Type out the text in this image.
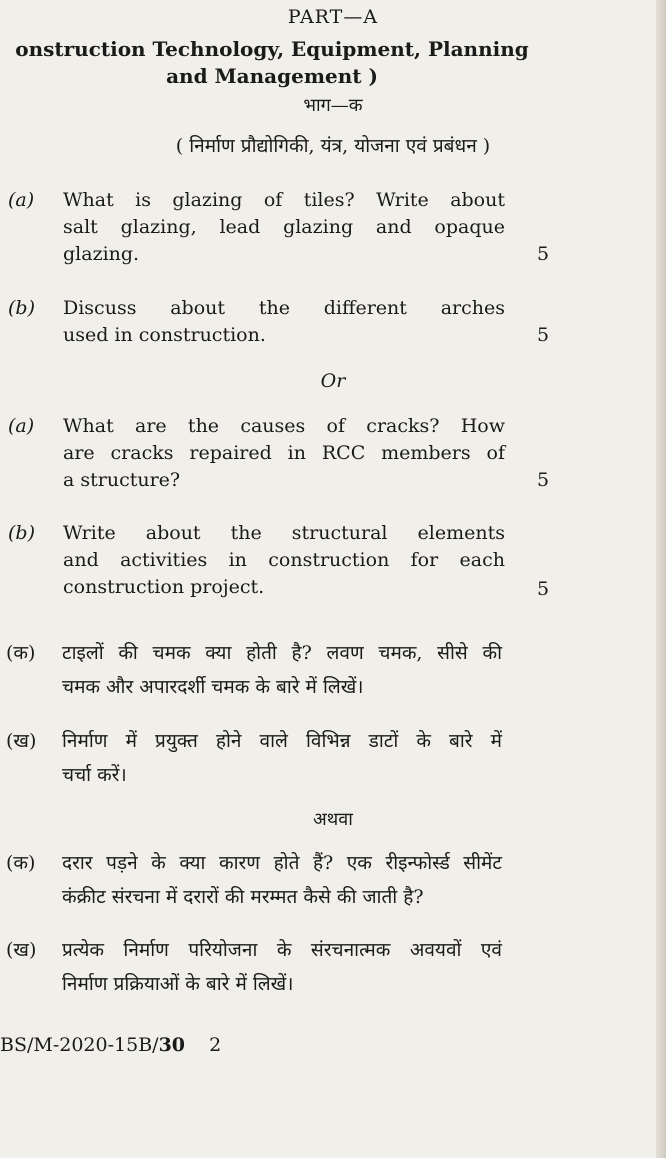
PART—A
onstruction Technology, Equipment, Planning
and Management )
भाग—क
( निर्माण प्रौद्योगिकी, यंत्र, योजना एवं प्रबंधन )
(a) What is glazing of tiles? Write about
salt glazing, lead glazing and opaque
glazing.	5
(b) Discuss about the different arches
used in construction.	5
Or
(a) What are the causes of cracks? How
are cracks repaired in RCC members of
a structure?	5
(b) Write about the structural elements
and activities in construction for each
construction project.	5
(क) टाइलों की चमक क्या होती है? लवण चमक, सीसे की
चमक और अपारदर्शी चमक के बारे में लिखें।
(ख) निर्माण में प्रयुक्त होने वाले विभिन्न डाटों के बारे में
चर्चा करें।
अथवा
(क) दरार पड़ने के क्या कारण होते हैं? एक रीइन्फोर्स्ड सीमेंट
कंक्रीट संरचना में दरारों की मरम्मत कैसे की जाती है?
(ख) प्रत्येक निर्माण परियोजना के संरचनात्मक अवयवों एवं
निर्माण प्रक्रियाओं के बारे में लिखें।
BS/M-2020-15B/30 2
